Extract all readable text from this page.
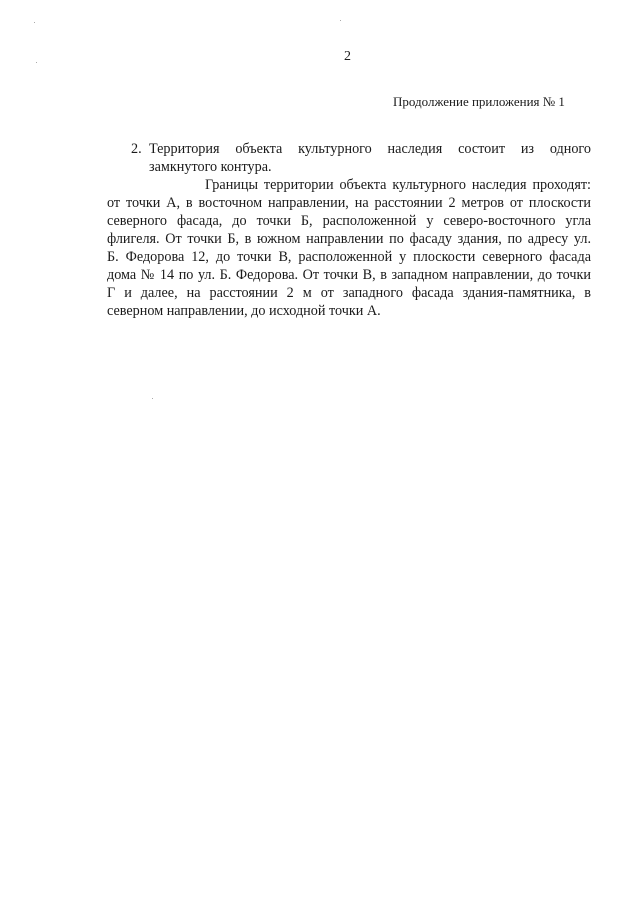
2
Продолжение приложения № 1
2. Территория объекта культурного наследия состоит из одного
замкнутого контура.
Границы территории объекта культурного наследия проходят:
от точки А, в восточном направлении, на расстоянии 2 метров от плоскости
северного фасада, до точки Б, расположенной у северо-восточного угла
флигеля. От точки Б, в южном направлении по фасаду здания, по адресу ул.
Б. Федорова 12, до точки В, расположенной у плоскости северного фасада
дома № 14 по ул. Б. Федорова. От точки В, в западном направлении, до точки
Г и далее, на расстоянии 2 м от западного фасада здания-памятника, в
северном направлении, до исходной точки А.
